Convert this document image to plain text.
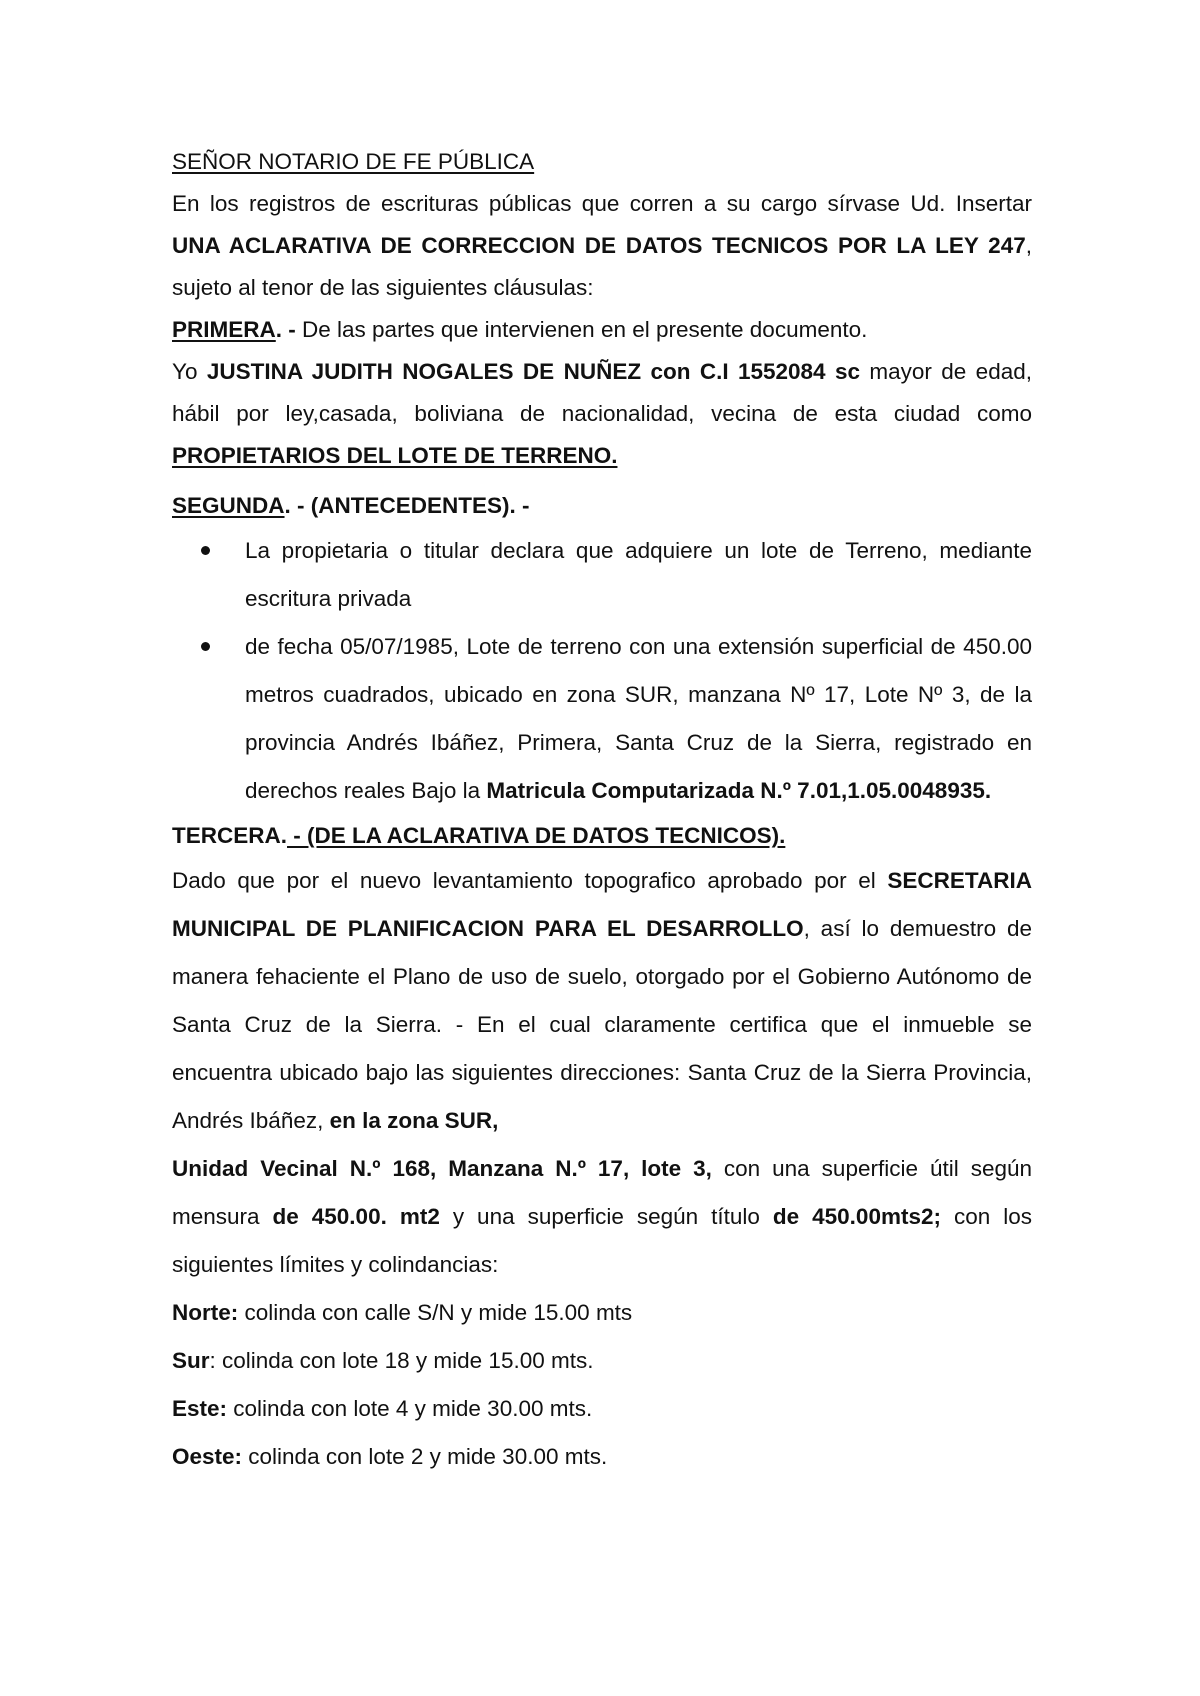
SEÑOR NOTARIO DE FE PÚBLICA

En los registros de escrituras públicas que corren a su cargo sírvase Ud. Insertar UNA ACLARATIVA DE CORRECCION DE DATOS TECNICOS POR LA LEY 247, sujeto al tenor de las siguientes cláusulas:

PRIMERA. - De las partes que intervienen en el presente documento.

Yo JUSTINA JUDITH NOGALES DE NUÑEZ con C.I 1552084 sc mayor de edad, hábil por ley,casada, boliviana de nacionalidad, vecina de esta ciudad como PROPIETARIOS DEL LOTE DE TERRENO.

SEGUNDA. - (ANTECEDENTES). -

La propietaria o titular declara que adquiere un lote de Terreno, mediante escritura privada
de fecha 05/07/1985, Lote de terreno con una extensión superficial de 450.00 metros cuadrados, ubicado en zona SUR, manzana Nº 17, Lote Nº 3, de la provincia Andrés Ibáñez, Primera, Santa Cruz de la Sierra, registrado en derechos reales Bajo la Matricula Computarizada N.º 7.01,1.05.0048935.

TERCERA. - (DE LA ACLARATIVA DE DATOS TECNICOS).

Dado que por el nuevo levantamiento topografico aprobado por el SECRETARIA MUNICIPAL DE PLANIFICACION PARA EL DESARROLLO, así lo demuestro de manera fehaciente el Plano de uso de suelo, otorgado por el Gobierno Autónomo de Santa Cruz de la Sierra. - En el cual claramente certifica que el inmueble se encuentra ubicado bajo las siguientes direcciones: Santa Cruz de la Sierra Provincia, Andrés Ibáñez, en la zona SUR,

Unidad Vecinal N.º 168, Manzana N.º 17, lote 3, con una superficie útil según mensura de 450.00. mt2 y una superficie según título de 450.00mts2; con los siguientes límites y colindancias:

Norte: colinda con calle S/N y mide 15.00 mts

Sur: colinda con lote 18 y mide 15.00 mts.

Este: colinda con lote 4 y mide 30.00 mts.

Oeste: colinda con lote 2 y mide 30.00 mts.
